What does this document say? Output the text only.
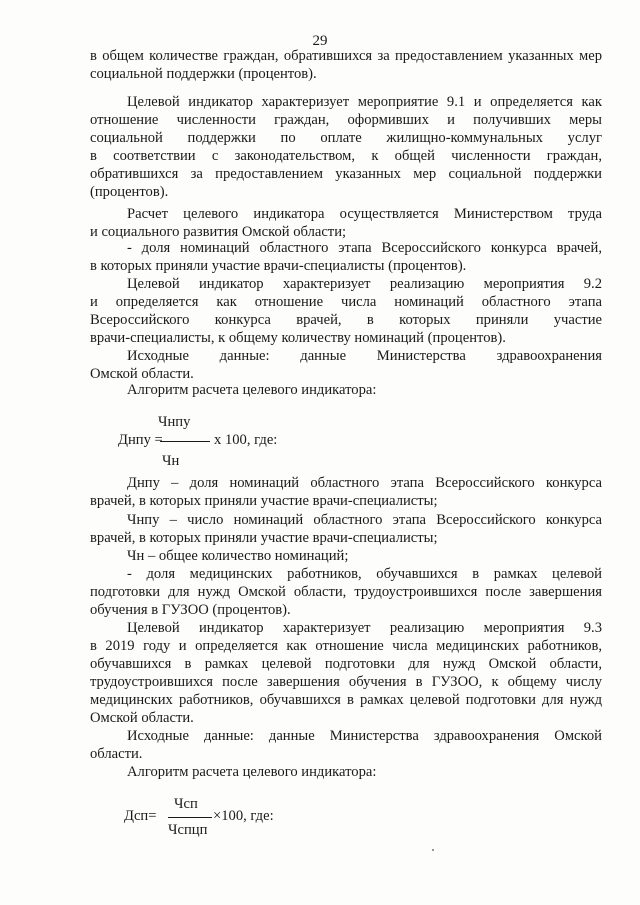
29
в общем количестве граждан, обратившихся за предоставлением указанных мер
социальной поддержки (процентов).
Целевой индикатор характеризует мероприятие 9.1 и определяется как
отношение численности граждан, оформивших и получивших меры
социальной поддержки по оплате жилищно-коммунальных услуг
в соответствии с законодательством, к общей численности граждан,
обратившихся за предоставлением указанных мер социальной поддержки
(процентов).
Расчет целевого индикатора осуществляется Министерством труда
и социального развития Омской области;
- доля номинаций областного этапа Всероссийского конкурса врачей,
в которых приняли участие врачи-специалисты (процентов).
Целевой индикатор характеризует реализацию мероприятия 9.2
и определяется как отношение числа номинаций областного этапа
Всероссийского конкурса врачей, в которых приняли участие
врачи-специалисты, к общему количеству номинаций (процентов).
Исходные данные: данные Министерства здравоохранения
Омской области.
Алгоритм расчета целевого индикатора:
Чнпу
Днпу =	х 100, где:
Чн
Днпу – доля номинаций областного этапа Всероссийского конкурса
врачей, в которых приняли участие врачи-специалисты;
Чнпу – число номинаций областного этапа Всероссийского конкурса
врачей, в которых приняли участие врачи-специалисты;
Чн – общее количество номинаций;
- доля медицинских работников, обучавшихся в рамках целевой
подготовки для нужд Омской области, трудоустроившихся после завершения
обучения в ГУЗОО (процентов).
Целевой индикатор характеризует реализацию мероприятия 9.3
в 2019 году и определяется как отношение числа медицинских работников,
обучавшихся в рамках целевой подготовки для нужд Омской области,
трудоустроившихся после завершения обучения в ГУЗОО, к общему числу
медицинских работников, обучавшихся в рамках целевой подготовки для нужд
Омской области.
Исходные данные: данные Министерства здравоохранения Омской
области.
Алгоритм расчета целевого индикатора:
Чсп
Дсп=	×100, где:
Чспцп
